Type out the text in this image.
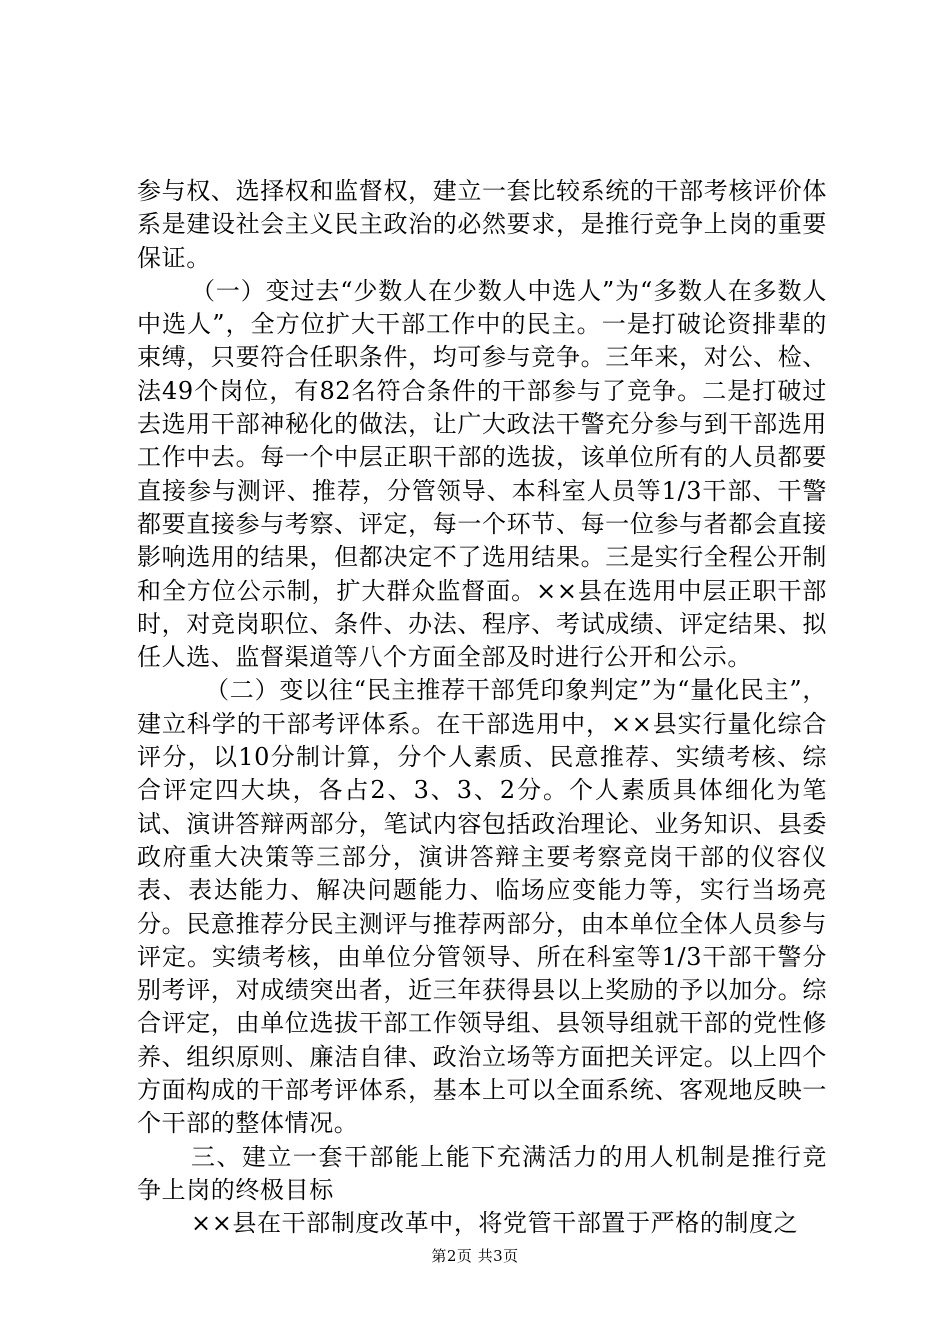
参与权、选择权和监督权，建立一套比较系统的干部考核评价体系是建设社会主义民主政治的必然要求，是推行竞争上岗的重要保证。

（一）变过去“少数人在少数人中选人”为“多数人在多数人中选人”，全方位扩大干部工作中的民主。一是打破论资排辈的束缚，只要符合任职条件，均可参与竞争。三年来，对公、检、法49个岗位，有82名符合条件的干部参与了竞争。二是打破过去选用干部神秘化的做法，让广大政法干警充分参与到干部选用工作中去。每一个中层正职干部的选拔，该单位所有的人员都要直接参与测评、推荐，分管领导、本科室人员等1/3干部、干警都要直接参与考察、评定，每一个环节、每一位参与者都会直接影响选用的结果，但都决定不了选用结果。三是实行全程公开制和全方位公示制，扩大群众监督面。××县在选用中层正职干部时，对竞岗职位、条件、办法、程序、考试成绩、评定结果、拟任人选、监督渠道等八个方面全部及时进行公开和公示。

（二）变以往“民主推荐干部凭印象判定”为“量化民主”，建立科学的干部考评体系。在干部选用中，××县实行量化综合评分，以10分制计算，分个人素质、民意推荐、实绩考核、综合评定四大块，各占2、3、3、2分。个人素质具体细化为笔试、演讲答辩两部分，笔试内容包括政治理论、业务知识、县委政府重大决策等三部分，演讲答辩主要考察竞岗干部的仪容仪表、表达能力、解决问题能力、临场应变能力等，实行当场亮分。民意推荐分民主测评与推荐两部分，由本单位全体人员参与评定。实绩考核，由单位分管领导、所在科室等1/3干部干警分别考评，对成绩突出者，近三年获得县以上奖励的予以加分。综合评定，由单位选拔干部工作领导组、县领导组就干部的党性修养、组织原则、廉洁自律、政治立场等方面把关评定。以上四个方面构成的干部考评体系，基本上可以全面系统、客观地反映一个干部的整体情况。

三、建立一套干部能上能下充满活力的用人机制是推行竞争上岗的终极目标

××县在干部制度改革中，将党管干部置于严格的制度之

第2页 共3页
